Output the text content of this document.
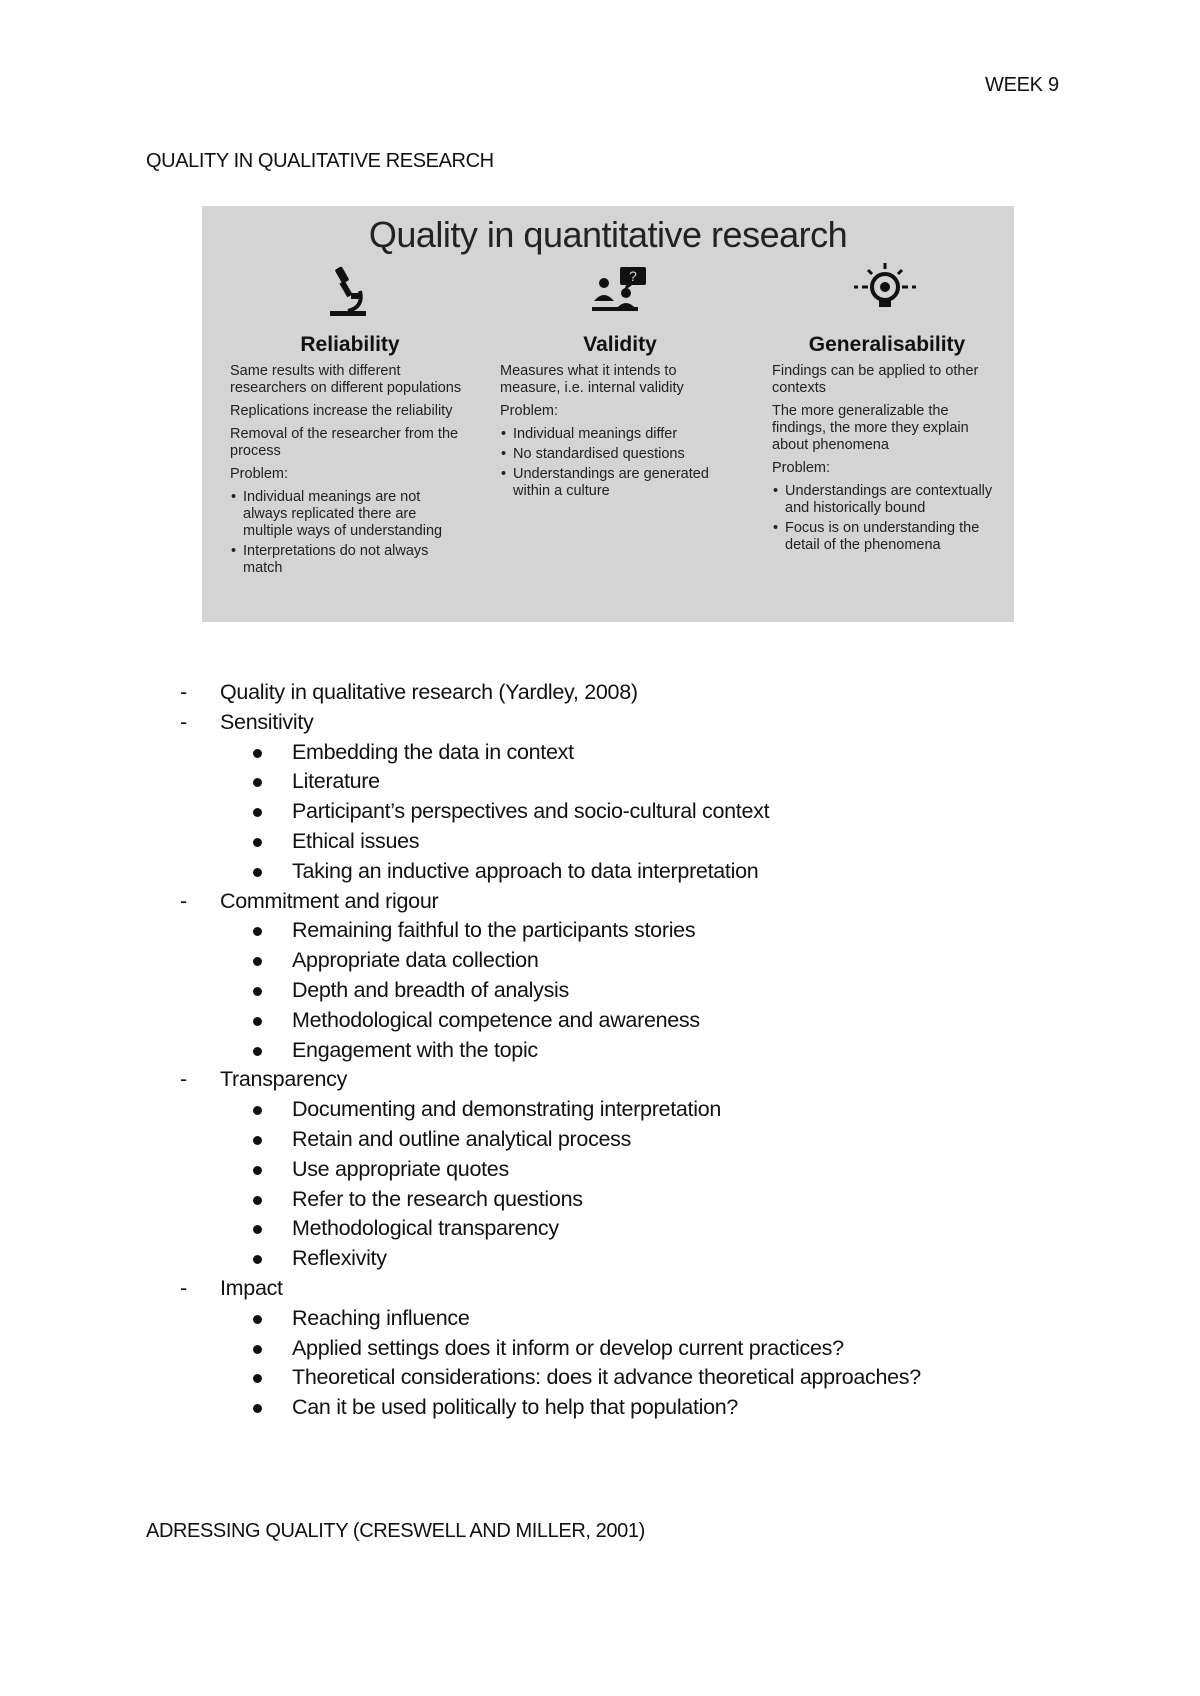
WEEK 9
QUALITY IN QUALITATIVE RESEARCH
Quality in quantitative research
Reliability

Same results with different researchers on different populations

Replications increase the reliability

Removal of the researcher from the process

Problem:

• Individual meanings are not always replicated there are multiple ways of understanding
• Interpretations do not always match
?
Validity

Measures what it intends to measure, i.e. internal validity

Problem:

• Individual meanings differ
• No standardised questions
• Understandings are generated within a culture
Generalisability

Findings can be applied to other contexts

The more generalizable the findings, the more they explain about phenomena

Problem:

• Understandings are contextually and historically bound
• Focus is on understanding the detail of the phenomena
- Quality in qualitative research (Yardley, 2008)
- Sensitivity
Embedding the data in context
Literature
Participant’s perspectives and socio-cultural context
Ethical issues
Taking an inductive approach to data interpretation
- Commitment and rigour
Remaining faithful to the participants stories
Appropriate data collection
Depth and breadth of analysis
Methodological competence and awareness
Engagement with the topic
- Transparency
Documenting and demonstrating interpretation
Retain and outline analytical process
Use appropriate quotes
Refer to the research questions
Methodological transparency
Reflexivity
- Impact
Reaching influence
Applied settings does it inform or develop current practices?
Theoretical considerations: does it advance theoretical approaches?
Can it be used politically to help that population?
ADRESSING QUALITY (CRESWELL AND MILLER, 2001)
